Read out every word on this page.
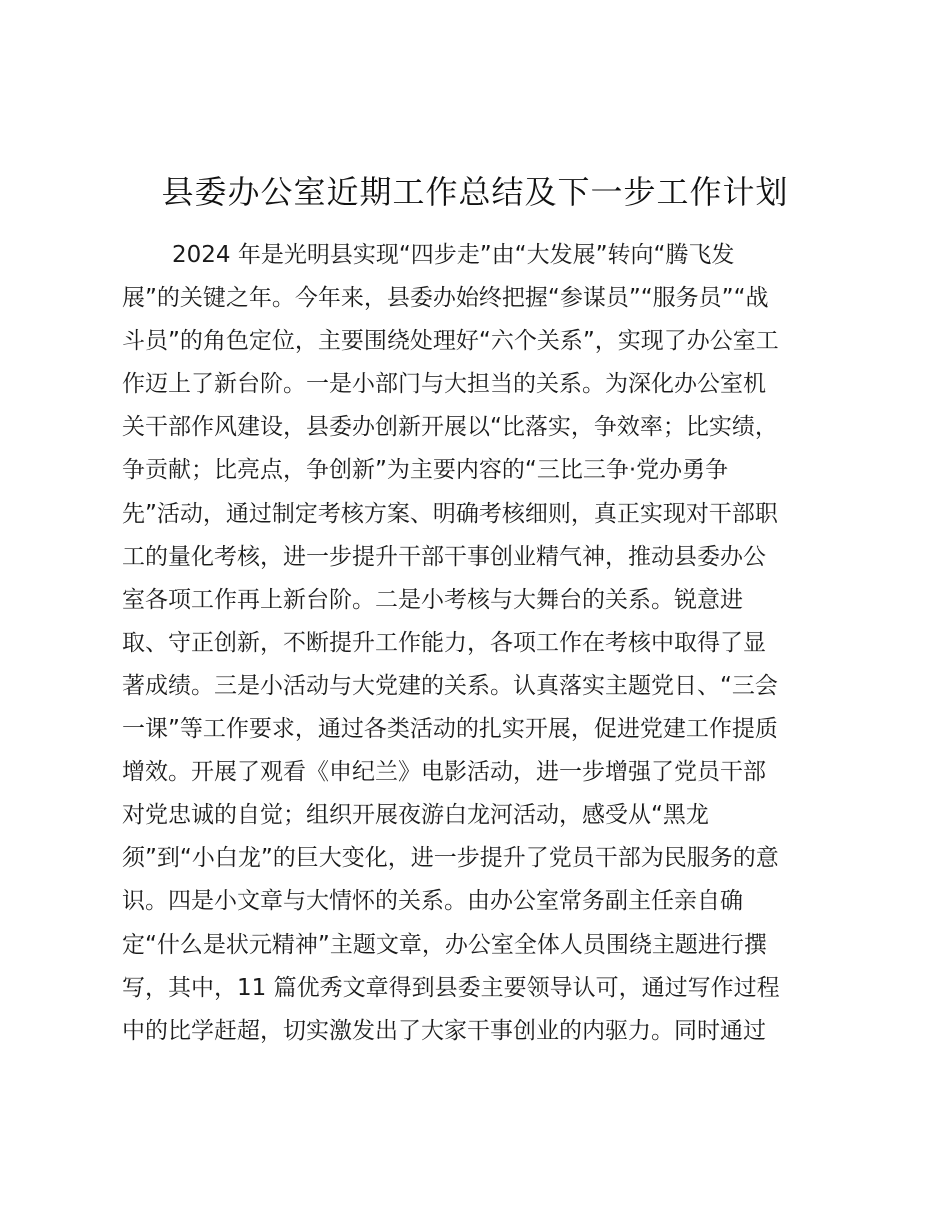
县委办公室近期工作总结及下一步工作计划
2024 年是光明县实现“四步走”由“大发展”转向“腾飞发
展”的关键之年。今年来，县委办始终把握“参谋员”“服务员”“战
斗员”的角色定位，主要围绕处理好“六个关系”，实现了办公室工
作迈上了新台阶。一是小部门与大担当的关系。为深化办公室机
关干部作风建设，县委办创新开展以“比落实，争效率；比实绩，
争贡献；比亮点，争创新”为主要内容的“三比三争·党办勇争
先”活动，通过制定考核方案、明确考核细则，真正实现对干部职
工的量化考核，进一步提升干部干事创业精气神，推动县委办公
室各项工作再上新台阶。二是小考核与大舞台的关系。锐意进
取、守正创新，不断提升工作能力，各项工作在考核中取得了显
著成绩。三是小活动与大党建的关系。认真落实主题党日、“三会
一课”等工作要求，通过各类活动的扎实开展，促进党建工作提质
增效。开展了观看《申纪兰》电影活动，进一步增强了党员干部
对党忠诚的自觉；组织开展夜游白龙河活动，感受从“黑龙
须”到“小白龙”的巨大变化，进一步提升了党员干部为民服务的意
识。四是小文章与大情怀的关系。由办公室常务副主任亲自确
定“什么是状元精神”主题文章，办公室全体人员围绕主题进行撰
写，其中，11 篇优秀文章得到县委主要领导认可，通过写作过程
中的比学赶超，切实激发出了大家干事创业的内驱力。同时通过
